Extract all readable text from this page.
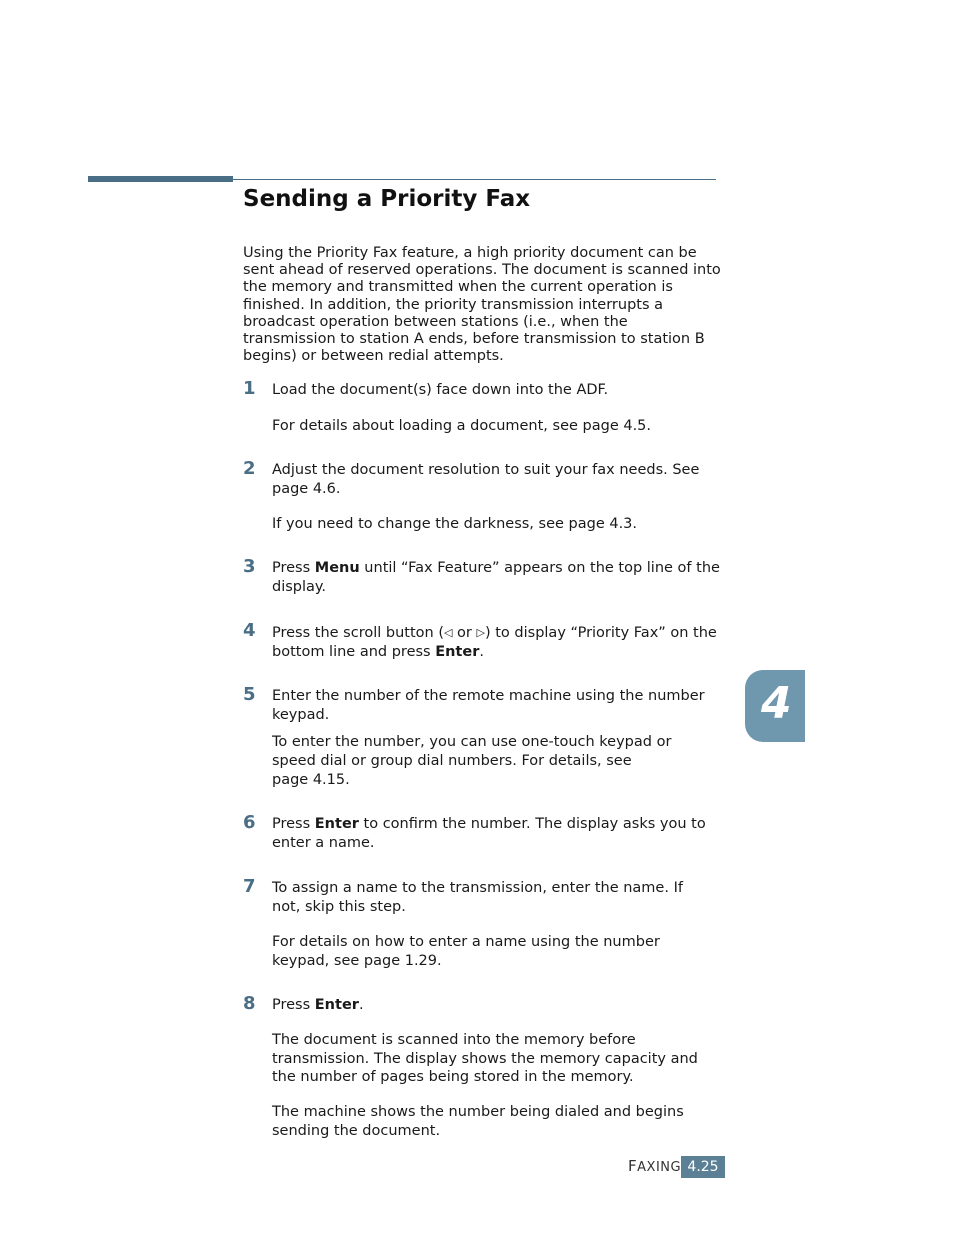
Sending a Priority Fax

Using the Priority Fax feature, a high priority document can be sent ahead of reserved operations. The document is scanned into the memory and transmitted when the current operation is finished. In addition, the priority transmission interrupts a broadcast operation between stations (i.e., when the transmission to station A ends, before transmission to station B begins) or between redial attempts.

1 Load the document(s) face down into the ADF.

For details about loading a document, see page 4.5.

2 Adjust the document resolution to suit your fax needs. See page 4.6.

If you need to change the darkness, see page 4.3.

3 Press Menu until “Fax Feature” appears on the top line of the display.

4 Press the scroll button (◁ or ▷) to display “Priority Fax” on the bottom line and press Enter.

5 Enter the number of the remote machine using the number keypad.

To enter the number, you can use one-touch keypad or
speed dial or group dial numbers. For details, see
page 4.15.

6 Press Enter to confirm the number. The display asks you to enter a name.

7 To assign a name to the transmission, enter the name. If not, skip this step.

For details on how to enter a name using the number keypad, see page 1.29.

8 Press Enter.

The document is scanned into the memory before transmission. The display shows the memory capacity and the number of pages being stored in the memory.

The machine shows the number being dialed and begins sending the document.

4

FAXING 4.25
